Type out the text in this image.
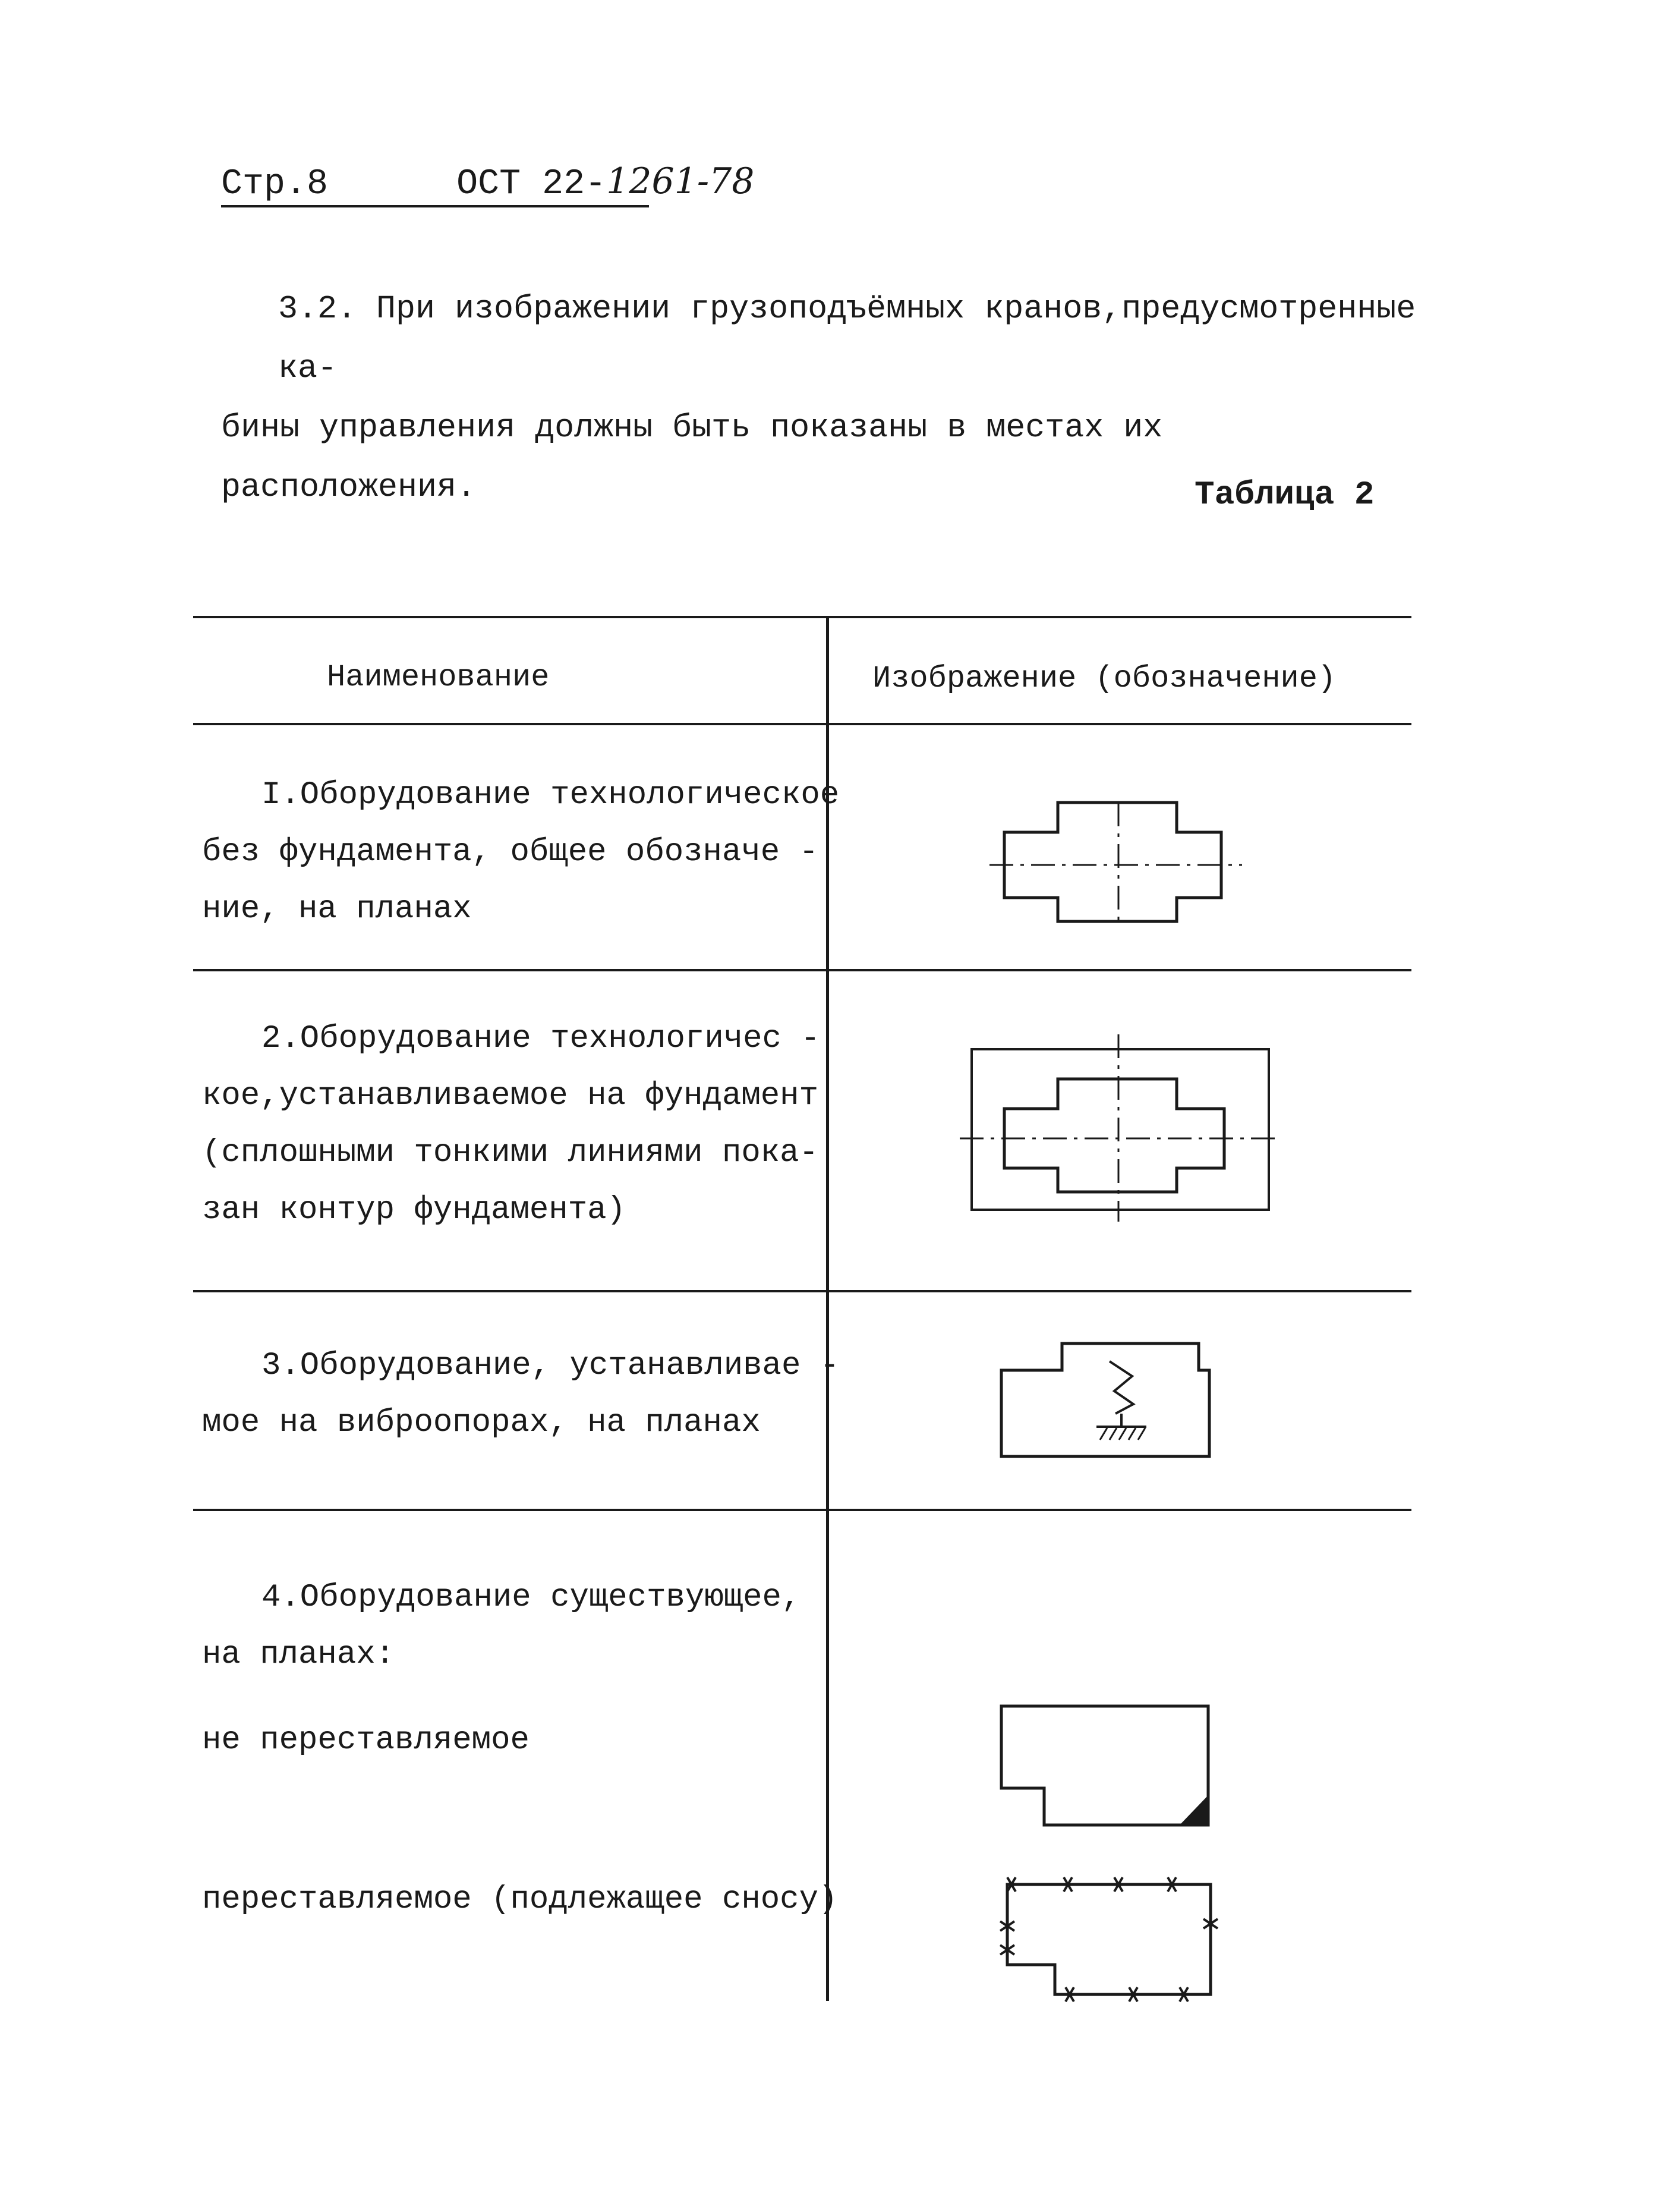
Стр.8	ОСТ 22-1261-78
3.2. При изображении грузоподъёмных кранов,предусмотренные ка-
бины управления должны быть показаны в местах их расположения.	Таблица 2
Наименование	Изображение (обозначение)
I.Оборудование технологическое
без фундамента, общее обозначе -
ние, на планах
2.Оборудование технологичес -
кое,устанавливаемое на фундамент
(сплошными тонкими линиями пока-
зан контур фундамента)
3.Оборудование, устанавливае -
мое на виброопорах, на планах
4.Оборудование существующее,
на планах:
не переставляемое
переставляемое (подлежащее сносу)
